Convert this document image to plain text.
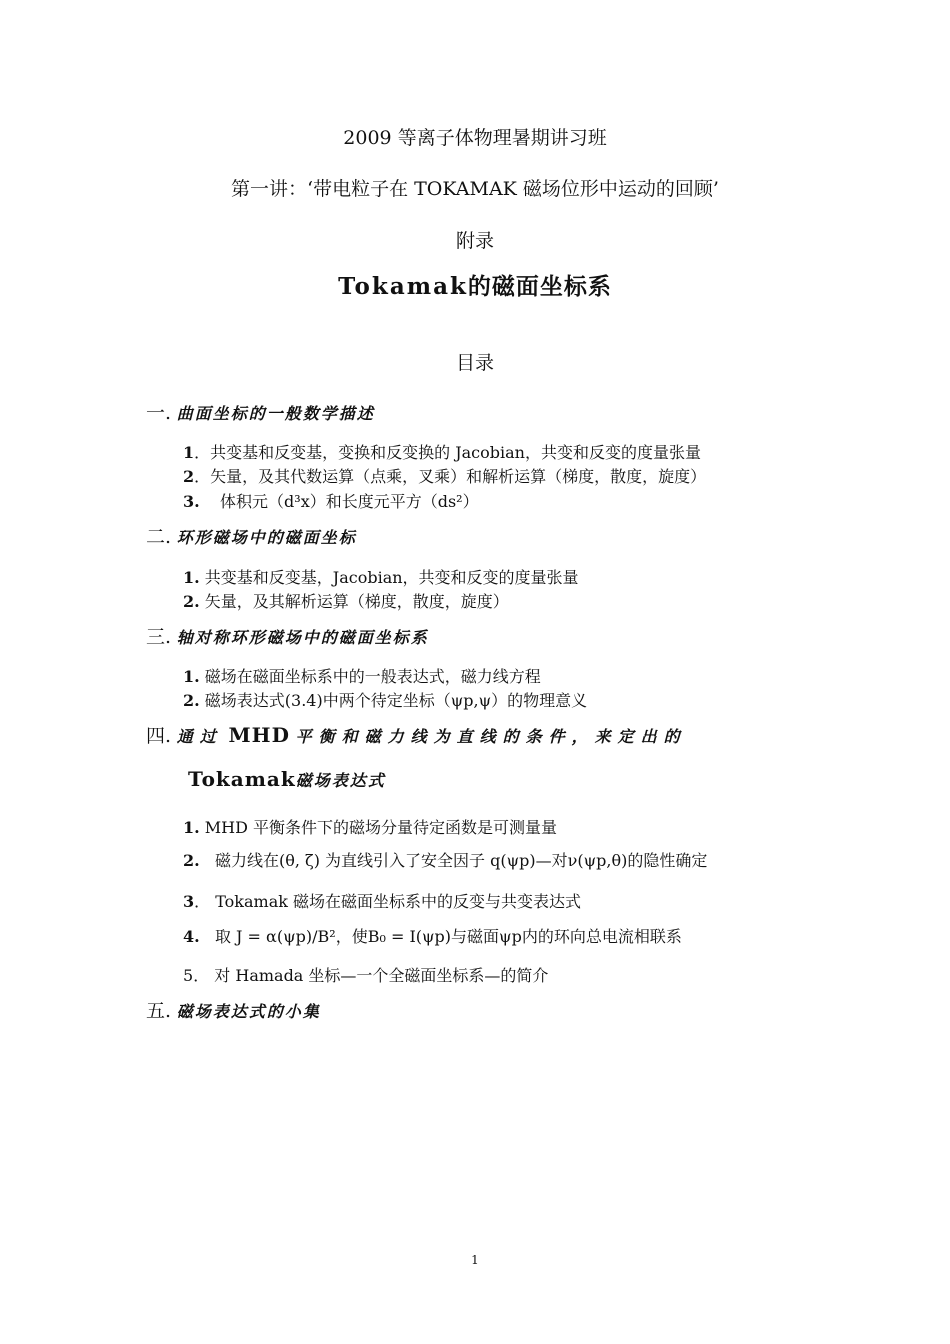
2009 等离子体物理暑期讲习班
第一讲：‘带电粒子在 TOKAMAK 磁场位形中运动的回顾’
附录
Tokamak的磁面坐标系
目录
一. 曲面坐标的一般数学描述
1．共变基和反变基，变换和反变换的 Jacobian，共变和反变的度量张量
2．矢量，及其代数运算（点乘，叉乘）和解析运算（梯度，散度，旋度）
3. 体积元（d³x）和长度元平方（ds²）
二. 环形磁场中的磁面坐标
1. 共变基和反变基，Jacobian，共变和反变的度量张量
2. 矢量，及其解析运算（梯度，散度，旋度）
三. 轴对称环形磁场中的磁面坐标系
1. 磁场在磁面坐标系中的一般表达式，磁力线方程
2. 磁场表达式(3.4)中两个待定坐标（ψp,ψ）的物理意义
四. 通过 MHD 平衡和磁力线为直线的条件，来定出的
Tokamak磁场表达式
1. MHD 平衡条件下的磁场分量待定函数是可测量量
2. 磁力线在(θ, ζ) 为直线引入了安全因子 q(ψp)—对ν(ψp,θ)的隐性确定
3． Tokamak 磁场在磁面坐标系中的反变与共变表达式
4. 取 J = α(ψp)/B²，使B₀ = I(ψp)与磁面ψp内的环向总电流相联系
5． 对 Hamada 坐标—一个全磁面坐标系—的简介
五. 磁场表达式的小集
1
